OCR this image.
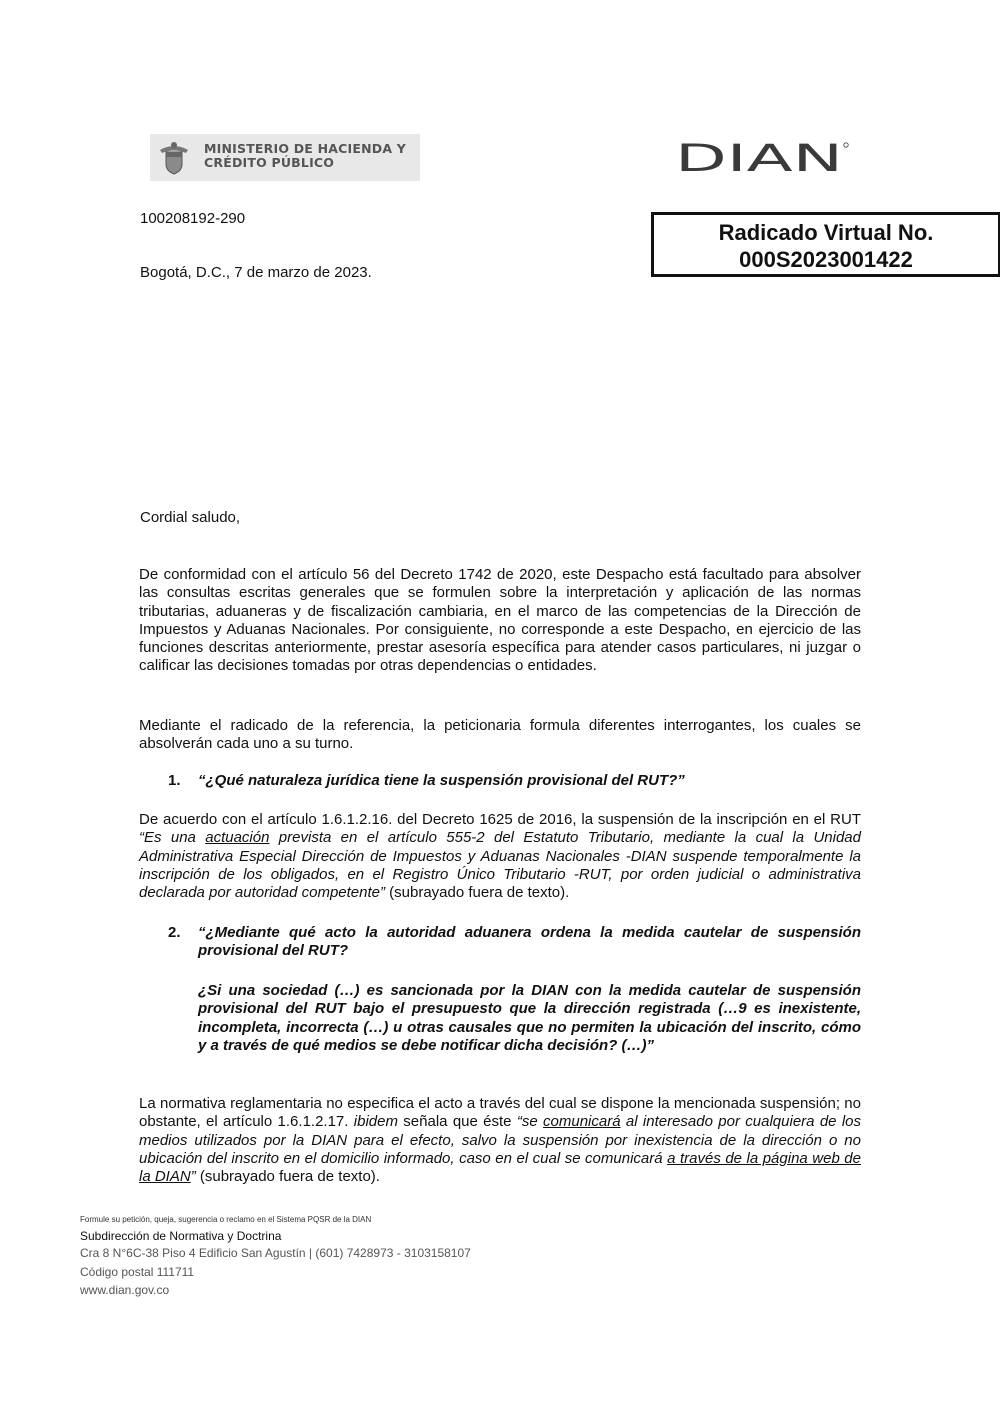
MINISTERIO DE HACIENDA Y
CRÉDITO PÚBLICO	DIAN
100208192-290
Bogotá, D.C., 7 de marzo de 2023.
Radicado Virtual No.
000S2023001422
Cordial saludo,

De conformidad con el artículo 56 del Decreto 1742 de 2020, este Despacho está facultado para absolver las consultas escritas generales que se formulen sobre la interpretación y aplicación de las normas tributarias, aduaneras y de fiscalización cambiaria, en el marco de las competencias de la Dirección de Impuestos y Aduanas Nacionales. Por consiguiente, no corresponde a este Despacho, en ejercicio de las funciones descritas anteriormente, prestar asesoría específica para atender casos particulares, ni juzgar o calificar las decisiones tomadas por otras dependencias o entidades.

Mediante el radicado de la referencia, la peticionaria formula diferentes interrogantes, los cuales se absolverán cada uno a su turno.

1. “¿Qué naturaleza jurídica tiene la suspensión provisional del RUT?”

De acuerdo con el artículo 1.6.1.2.16. del Decreto 1625 de 2016, la suspensión de la inscripción en el RUT “Es una actuación prevista en el artículo 555-2 del Estatuto Tributario, mediante la cual la Unidad Administrativa Especial Dirección de Impuestos y Aduanas Nacionales -DIAN suspende temporalmente la inscripción de los obligados, en el Registro Único Tributario -RUT, por orden judicial o administrativa declarada por autoridad competente” (subrayado fuera de texto).

2. “¿Mediante qué acto la autoridad aduanera ordena la medida cautelar de suspensión provisional del RUT?

¿Si una sociedad (…) es sancionada por la DIAN con la medida cautelar de suspensión provisional del RUT bajo el presupuesto que la dirección registrada (…9 es inexistente, incompleta, incorrecta (…) u otras causales que no permiten la ubicación del inscrito, cómo y a través de qué medios se debe notificar dicha decisión? (…)”

La normativa reglamentaria no especifica el acto a través del cual se dispone la mencionada suspensión; no obstante, el artículo 1.6.1.2.17. ibidem señala que éste “se comunicará al interesado por cualquiera de los medios utilizados por la DIAN para el efecto, salvo la suspensión por inexistencia de la dirección o no ubicación del inscrito en el domicilio informado, caso en el cual se comunicará a través de la página web de la DIAN” (subrayado fuera de texto).

Formule su petición, queja, sugerencia o reclamo en el Sistema PQSR de la DIAN
Subdirección de Normativa y Doctrina
Cra 8 N°6C-38 Piso 4 Edificio San Agustín | (601) 7428973 - 3103158107
Código postal 111711
www.dian.gov.co
